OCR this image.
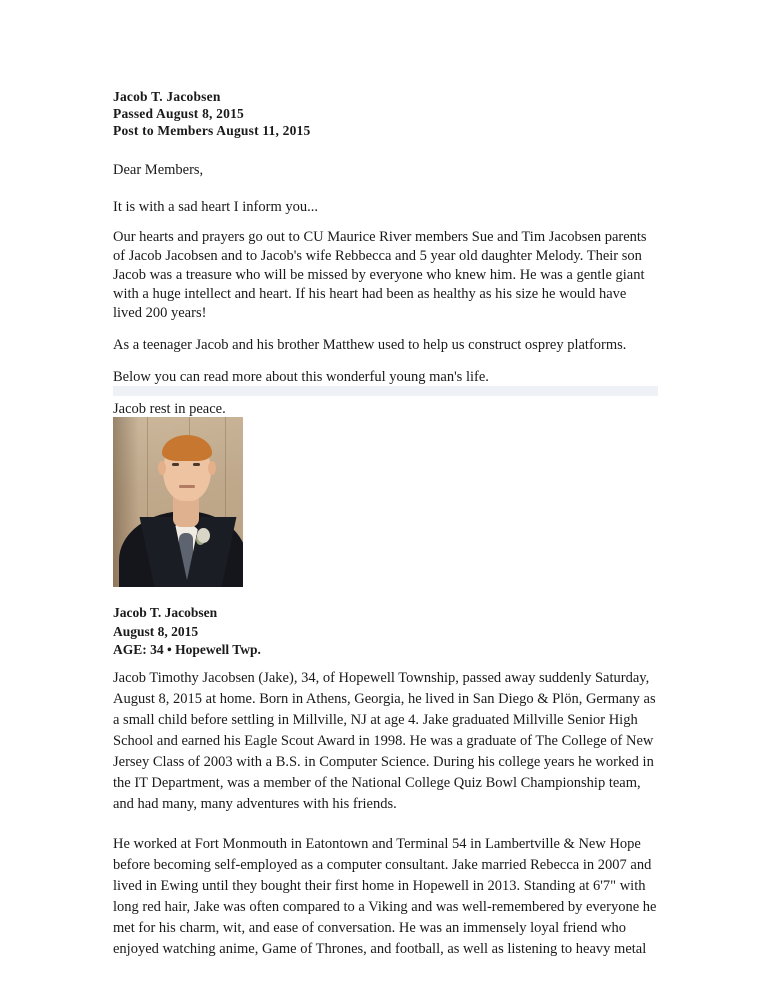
Jacob T. Jacobsen
Passed August 8, 2015
Post to Members August 11, 2015

Dear Members,

It is with a sad heart I inform you...

Our hearts and prayers go out to CU Maurice River members Sue and Tim Jacobsen parents of Jacob Jacobsen and to Jacob's wife Rebbecca and 5 year old daughter Melody. Their son Jacob was a treasure who will be missed by everyone who knew him. He was a gentle giant with a huge intellect and heart. If his heart had been as healthy as his size he would have lived 200 years!

As a teenager Jacob and his brother Matthew used to help us construct osprey platforms.

Below you can read more about this wonderful young man's life.

Jacob rest in peace.

Jacob T. Jacobsen
August 8, 2015
AGE: 34 • Hopewell Twp.

Jacob Timothy Jacobsen (Jake), 34, of Hopewell Township, passed away suddenly Saturday, August 8, 2015 at home. Born in Athens, Georgia, he lived in San Diego & Plön, Germany as a small child before settling in Millville, NJ at age 4. Jake graduated Millville Senior High School and earned his Eagle Scout Award in 1998. He was a graduate of The College of New Jersey Class of 2003 with a B.S. in Computer Science. During his college years he worked in the IT Department, was a member of the National College Quiz Bowl Championship team, and had many, many adventures with his friends.

He worked at Fort Monmouth in Eatontown and Terminal 54 in Lambertville & New Hope before becoming self-employed as a computer consultant. Jake married Rebecca in 2007 and lived in Ewing until they bought their first home in Hopewell in 2013. Standing at 6'7" with long red hair, Jake was often compared to a Viking and was well-remembered by everyone he met for his charm, wit, and ease of conversation. He was an immensely loyal friend who enjoyed watching anime, Game of Thrones, and football, as well as listening to heavy metal
